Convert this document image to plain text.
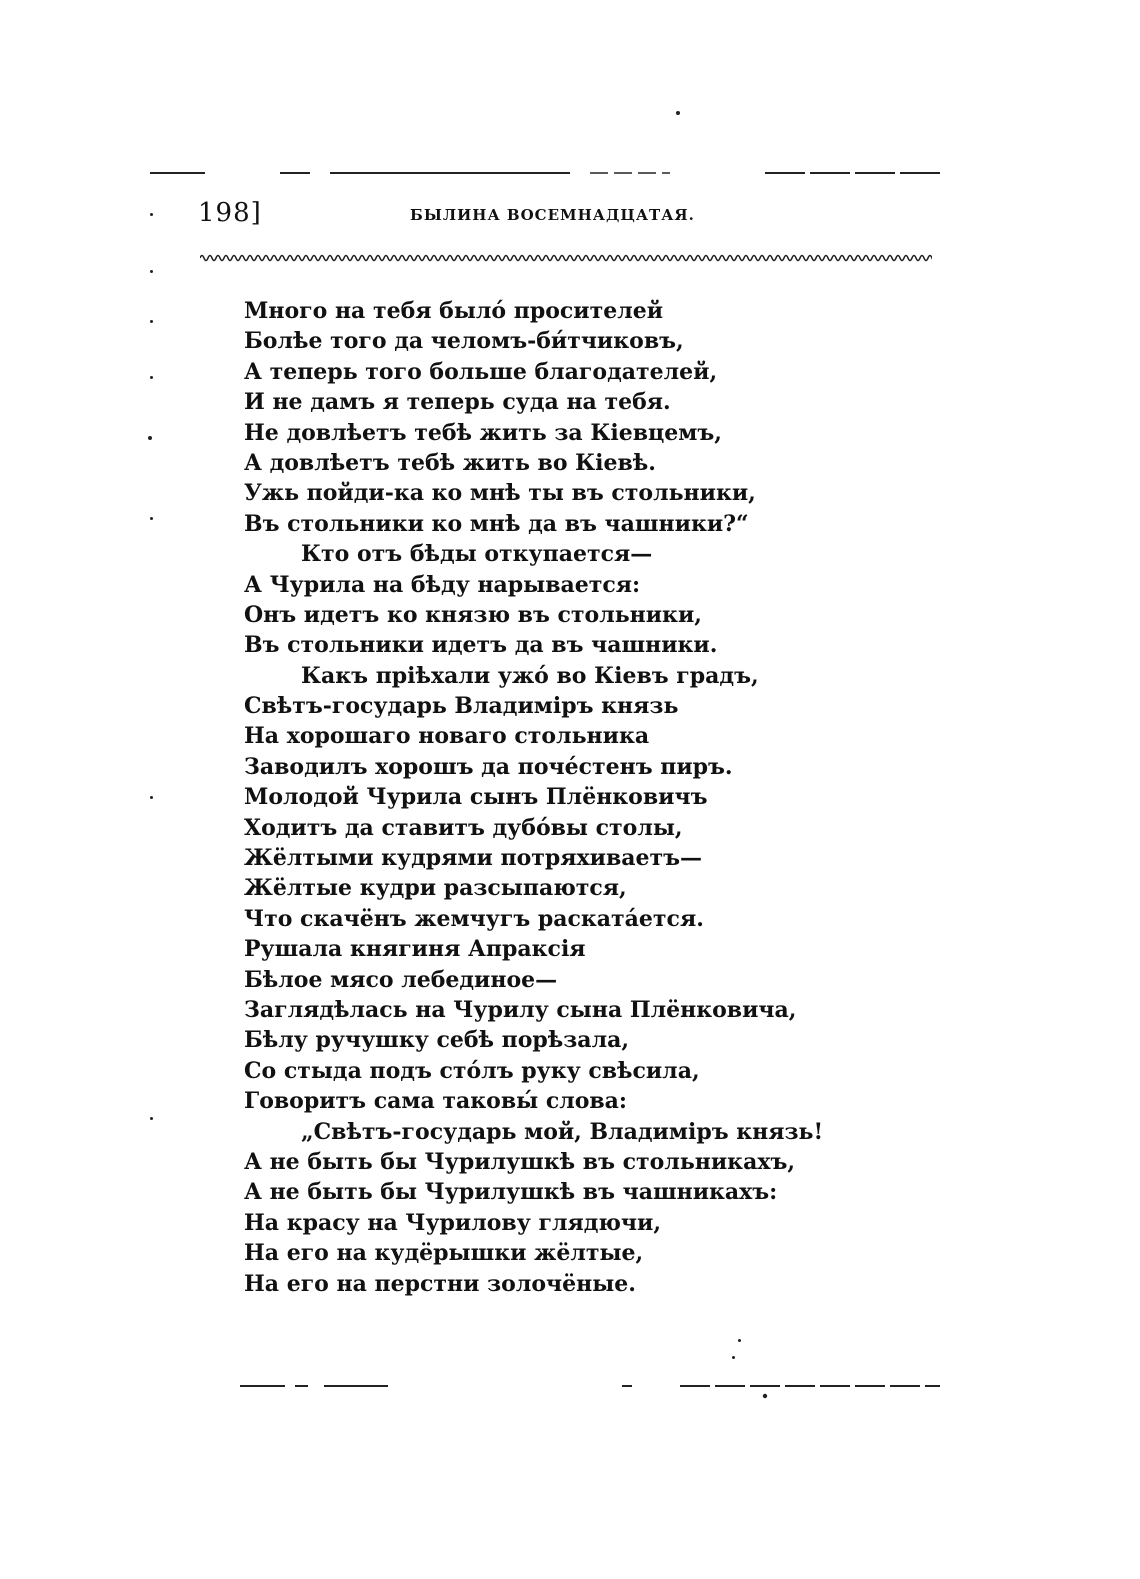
198]	БЫЛИНА ВОСЕМНАДЦАТАЯ.
Много на тебя было́ просителей
Болѣе того да челомъ-би́тчиковъ,
А теперь того больше благодателей,
И не дамъ я теперь суда на тебя.
Не довлѣетъ тебѣ жить за Кіевцемъ,
А довлѣетъ тебѣ жить во Кіевѣ.
Ужь пойди-ка ко мнѣ ты въ стольники,
Въ стольники ко мнѣ да въ чашники?“
Кто отъ бѣды откупается—
А Чурила на бѣду нарывается:
Онъ идетъ ко князю въ стольники,
Въ стольники идетъ да въ чашники.
Какъ пріѣхали ужо́ во Кіевъ градъ,
Свѣтъ-государь Владиміръ князь
На хорошаго новаго стольника
Заводилъ хорошъ да поче́стенъ пиръ.
Молодой Чурила сынъ Плёнковичъ
Ходитъ да ставитъ дубо́вы столы,
Жёлтыми кудрями потряхиваетъ—
Жёлтые кудри разсыпаются,
Что скачёнъ жемчугъ раската́ется.
Рушала княгиня Апраксія
Бѣлое мясо лебединое—
Заглядѣлась на Чурилу сына Плёнковича,
Бѣлу ручушку себѣ порѣзала,
Со стыда подъ сто́лъ руку свѣсила,
Говоритъ сама таковы́ слова:
„Свѣтъ-государь мой, Владиміръ князь!
А не быть бы Чурилушкѣ въ стольникахъ,
А не быть бы Чурилушкѣ въ чашникахъ:
На красу на Чурилову глядючи,
На его на кудёрышки жёлтые,
На его на перстни золочёные.
